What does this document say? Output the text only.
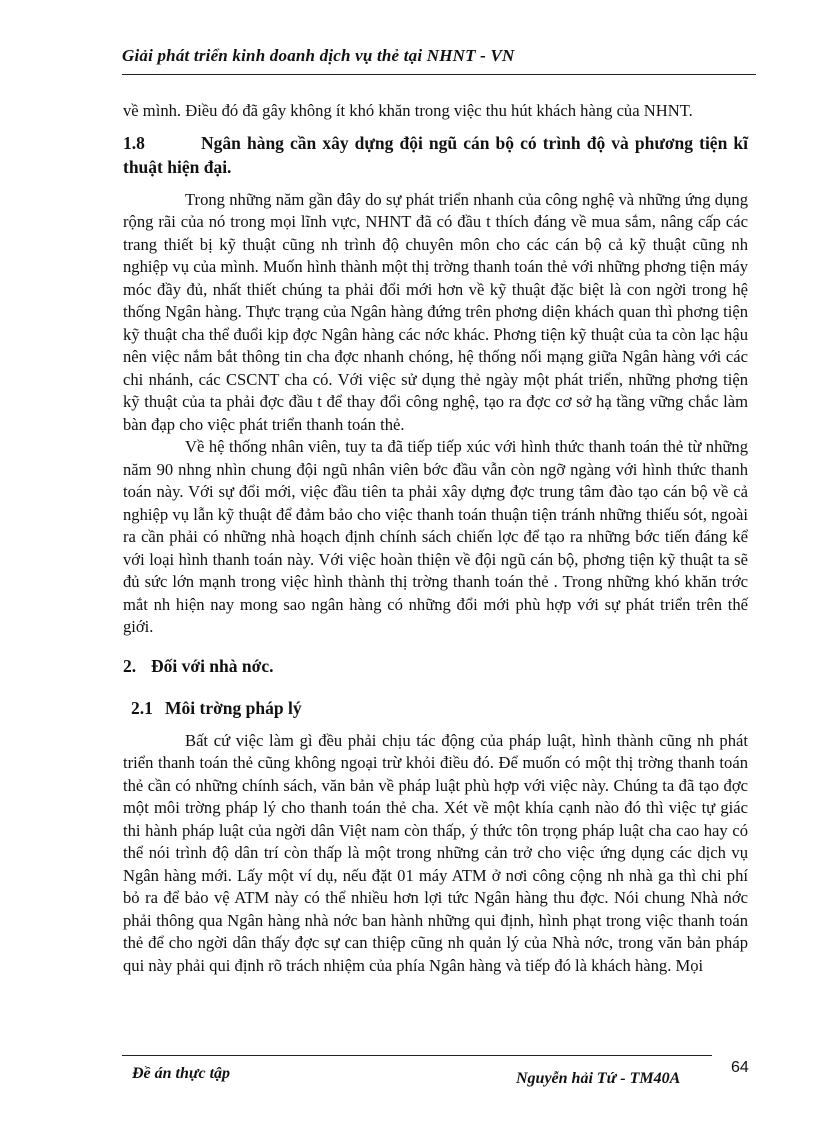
Giải phát triển kinh doanh dịch vụ thẻ tại NHNT - VN

về mình. Điều đó đã gây không ít khó khăn trong việc thu hút khách hàng của NHNT.

1.8	Ngân hàng cần xây dựng đội ngũ cán bộ có trình độ và phương tiện kĩ thuật hiện đại.

Trong những năm gần đây do sự phát triển nhanh của công nghệ và những ứng dụng rộng rãi của nó trong mọi lĩnh vực, NHNT đã có đầu t thích đáng về mua sắm, nâng cấp các trang thiết bị kỹ thuật cũng nh trình độ chuyên môn cho các cán bộ cả kỹ thuật cũng nh nghiệp vụ của mình. Muốn hình thành một thị trờng thanh toán thẻ với những phơng tiện máy móc đầy đủ, nhất thiết chúng ta phải đổi mới hơn về kỹ thuật đặc biệt là con ngời trong hệ thống Ngân hàng. Thực trạng của Ngân hàng đứng trên phơng diện khách quan thì phơng tiện kỹ thuật cha thể đuổi kịp đợc Ngân hàng các nớc khác. Phơng tiện kỹ thuật của ta còn lạc hậu nên việc nắm bắt thông tin cha đợc nhanh chóng, hệ thống nối mạng giữa Ngân hàng với các chi nhánh, các CSCNT cha có. Với việc sử dụng thẻ ngày một phát triển, những phơng tiện kỹ thuật của ta phải đợc đầu t để thay đổi công nghệ, tạo ra đợc cơ sở hạ tầng vững chắc làm bàn đạp cho việc phát triển thanh toán thẻ.

Về hệ thống nhân viên, tuy ta đã tiếp tiếp xúc với hình thức thanh toán thẻ từ những năm 90 nhng nhìn chung đội ngũ nhân viên bớc đầu vẫn còn ngỡ ngàng với hình thức thanh toán này. Với sự đổi mới, việc đầu tiên ta phải xây dựng đợc trung tâm đào tạo cán bộ về cả nghiệp vụ lẫn kỹ thuật để đảm bảo cho việc thanh toán thuận tiện tránh những thiếu sót, ngoài ra cần phải có những nhà hoạch định chính sách chiến lợc để tạo ra những bớc tiến đáng kể với loại hình thanh toán này. Với việc hoàn thiện về đội ngũ cán bộ, phơng tiện kỹ thuật ta sẽ đủ sức lớn mạnh trong việc hình thành thị trờng thanh toán thẻ . Trong những khó khăn trớc mắt nh hiện nay mong sao ngân hàng có những đổi mới phù hợp với sự phát triển trên thế giới.

2. Đối với nhà nớc.

2.1 Môi trờng pháp lý

Bất cứ việc làm gì đều phải chịu tác động của pháp luật, hình thành cũng nh phát triển thanh toán thẻ cũng không ngoại trừ khỏi điều đó. Để muốn có một thị trờng thanh toán thẻ cần có những chính sách, văn bản về pháp luật phù hợp với việc này. Chúng ta đã tạo đợc một môi trờng pháp lý cho thanh toán thẻ cha. Xét về một khía cạnh nào đó thì việc tự giác thi hành pháp luật của ngời dân Việt nam còn thấp, ý thức tôn trọng pháp luật cha cao hay có thể nói trình độ dân trí còn thấp là một trong những cản trở cho việc ứng dụng các dịch vụ Ngân hàng mới. Lấy một ví dụ, nếu đặt 01 máy ATM ở nơi công cộng nh nhà ga thì chi phí bỏ ra để bảo vệ ATM này có thể nhiều hơn lợi tức Ngân hàng thu đợc. Nói chung Nhà nớc phải thông qua Ngân hàng nhà nớc ban hành những qui định, hình phạt trong việc thanh toán thẻ để cho ngời dân thấy đợc sự can thiệp cũng nh quản lý của Nhà nớc, trong văn bản pháp qui này phải qui định rõ trách nhiệm của phía Ngân hàng và tiếp đó là khách hàng. Mọi

Đề án thực tập	Nguyễn hải Tứ - TM40A
64
